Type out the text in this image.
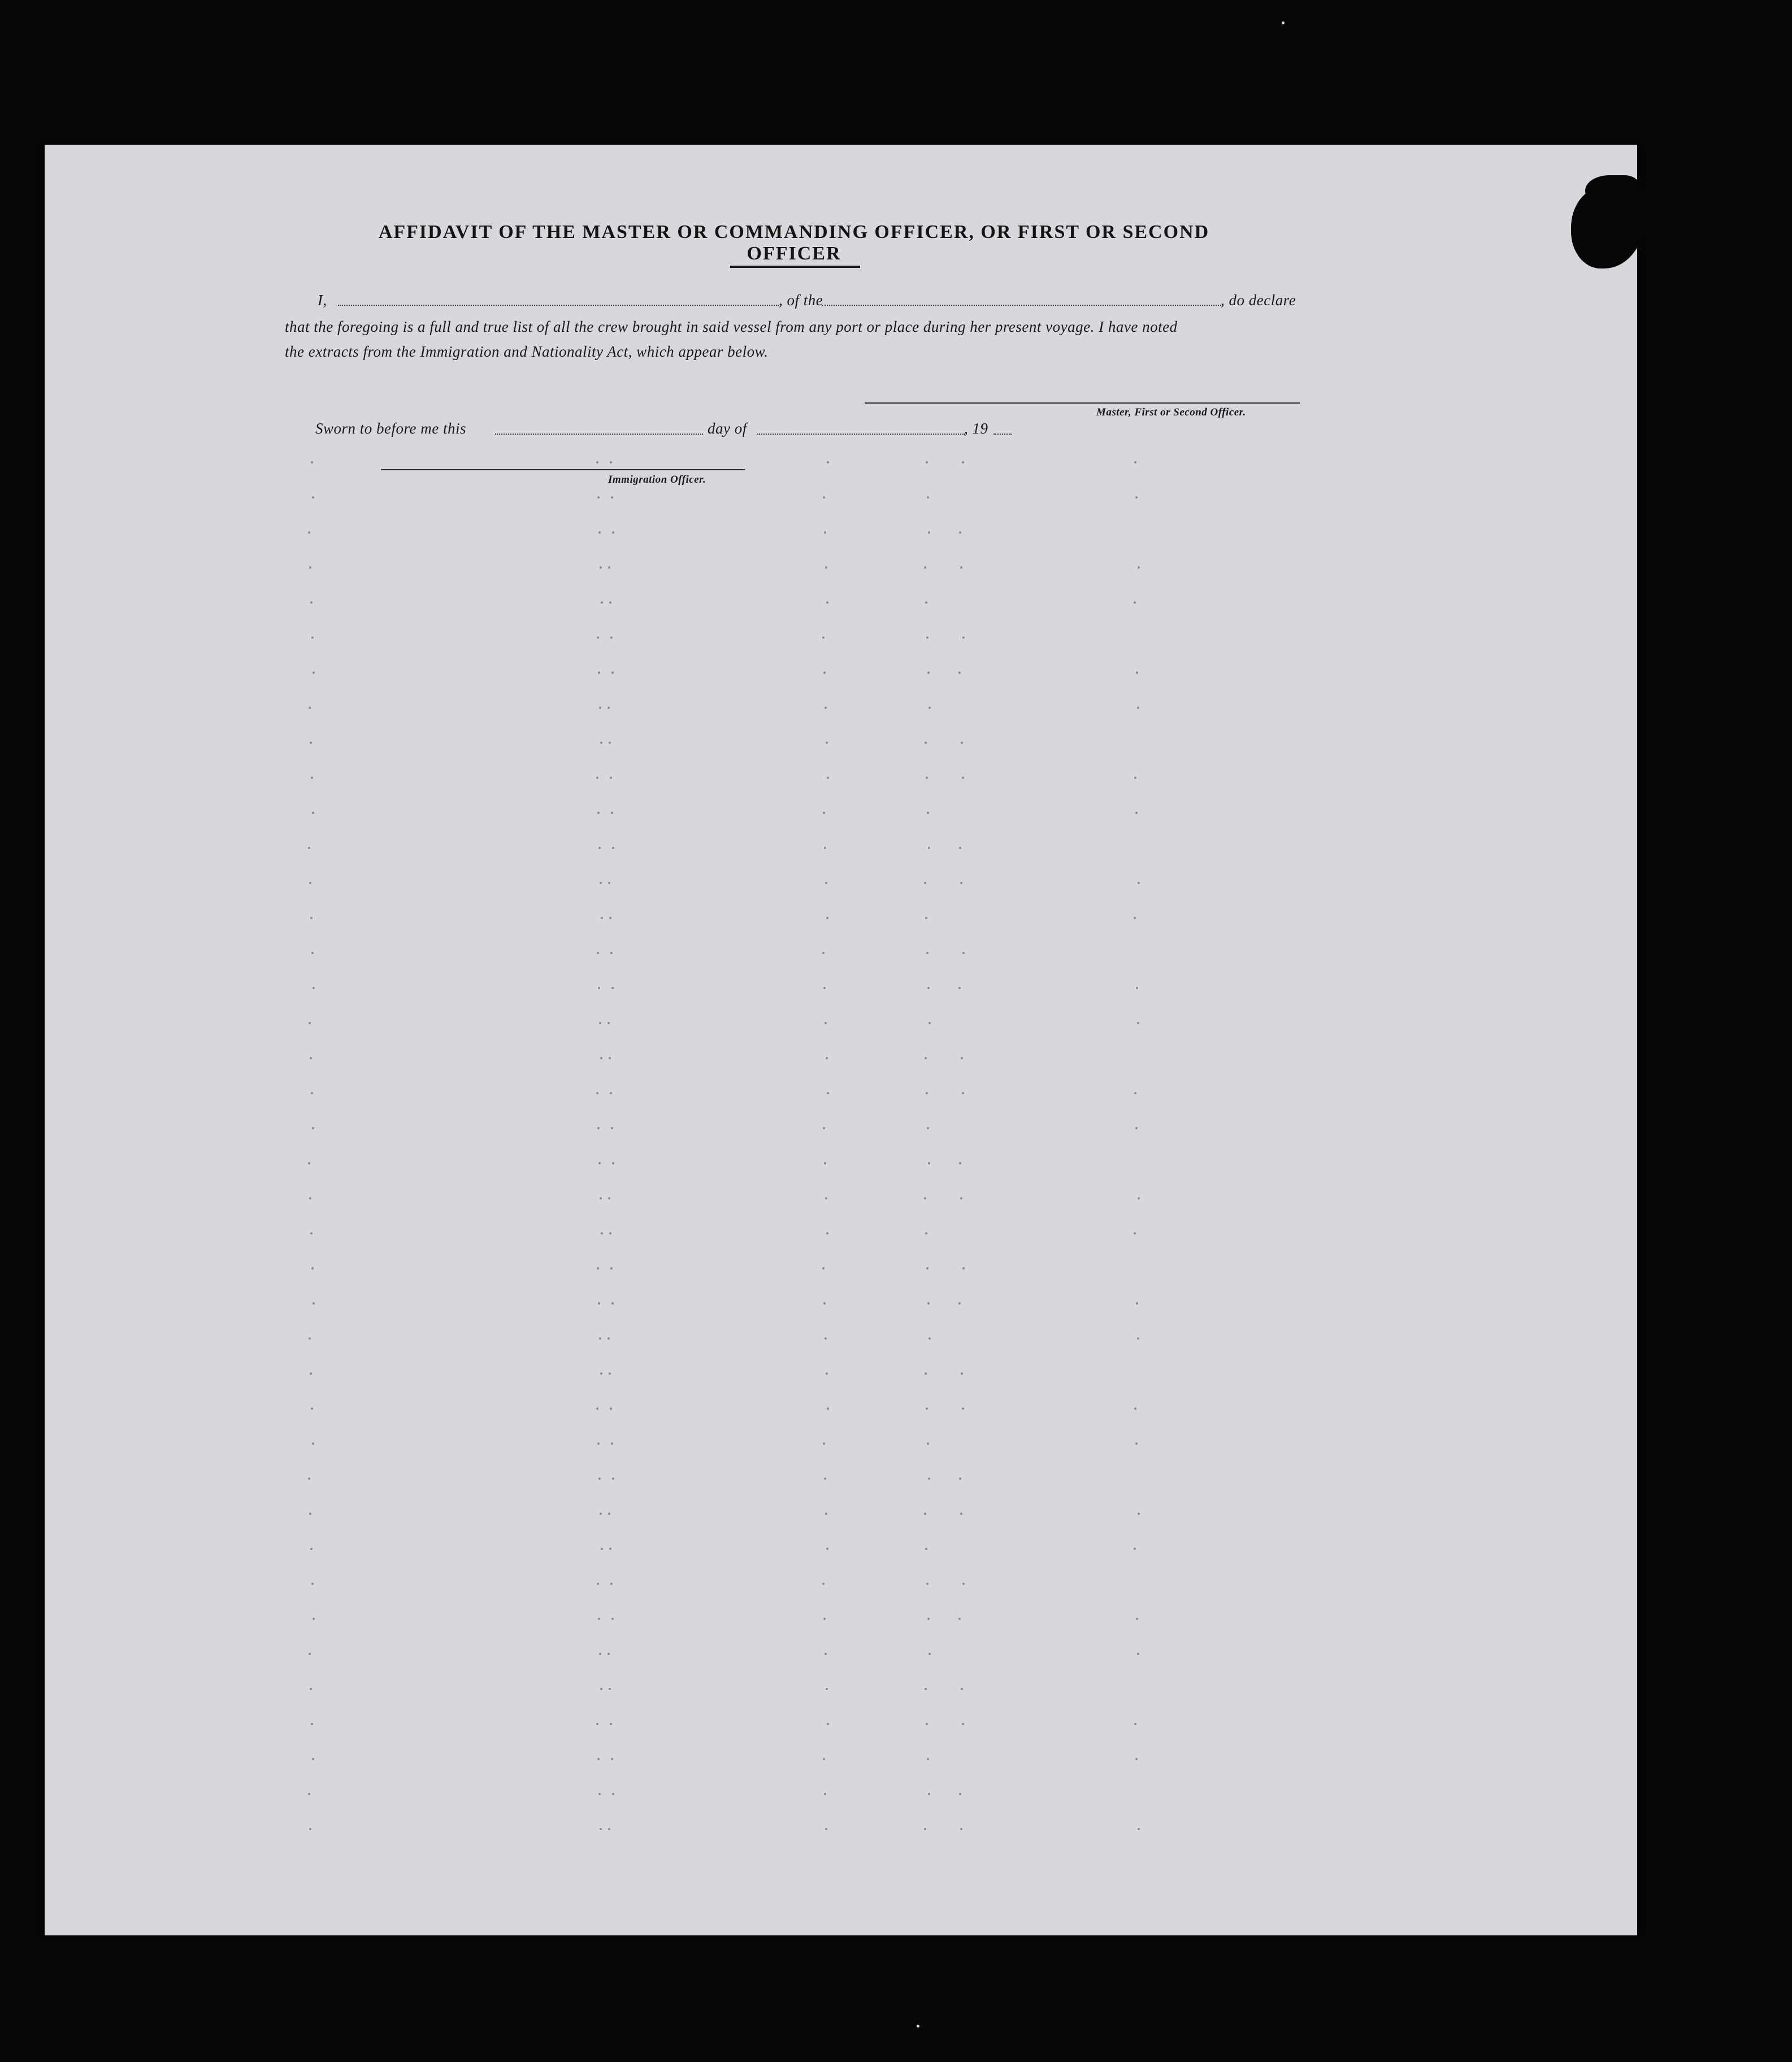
AFFIDAVIT OF THE MASTER OR COMMANDING OFFICER, OR FIRST OR SECOND OFFICER
I,	, of the	, do declare
that the foregoing is a full and true list of all the crew brought in said vessel from any port or place during her present voyage. I have noted
the extracts from the Immigration and Nationality Act, which appear below.
Master, First or Second Officer.
Sworn to before me this	day of	, 19
Immigration Officer.
